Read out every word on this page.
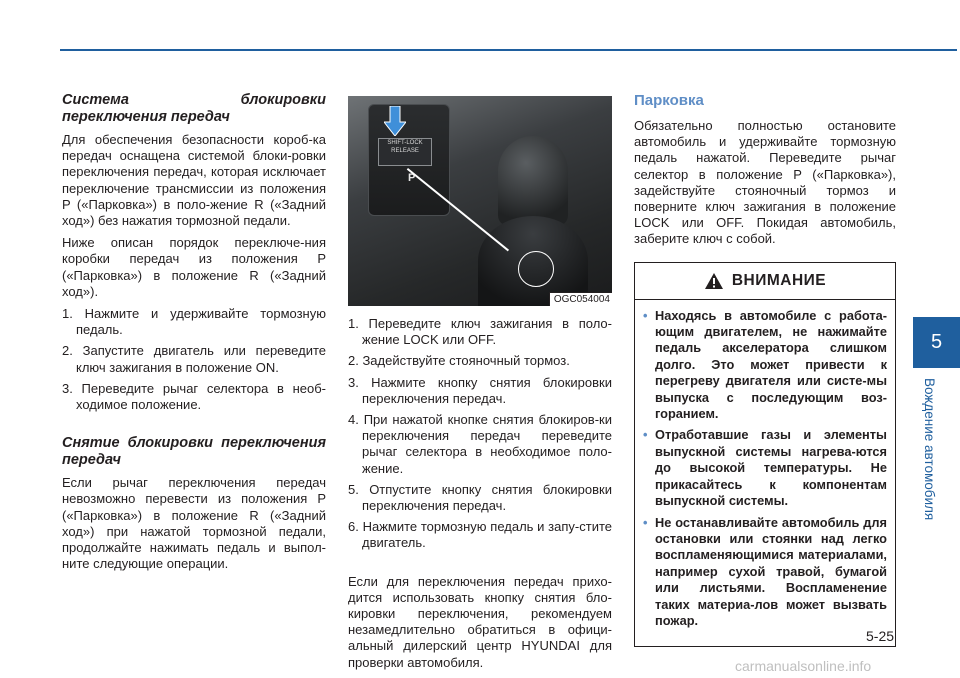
Система блокировки переключения передач

Для обеспечения безопасности короб-ка передач оснащена системой блоки-ровки переключения передач, которая исключает переключение трансмиссии из положения P («Парковка») в поло-жение R («Задний ход») без нажатия тормозной педали.

Ниже описан порядок переключе-ния коробки передач из положения P («Парковка») в положение R («Задний ход»).

1. Нажмите и удерживайте тормозную педаль.
2. Запустите двигатель или переведите ключ зажигания в положение ON.
3. Переведите рычаг селектора в необ-ходимое положение.
Снятие блокировки переключения передач

Если рычаг переключения передач невозможно перевести из положения P («Парковка») в положение R («Задний ход») при нажатой тормозной педали, продолжайте нажимать педаль и выпол-ните следующие операции.

SHIFT-LOCK RELEASE
P
OGC054004
1. Переведите ключ зажигания в поло-жение LOCK или OFF.
2. Задействуйте стояночный тормоз.
3. Нажмите кнопку снятия блокировки переключения передач.
4. При нажатой кнопке снятия блокиров-ки переключения передач переведите рычаг селектора в необходимое поло-жение.
5. Отпустите кнопку снятия блокировки переключения передач.
6. Нажмите тормозную педаль и запу-стите двигатель.

Если для переключения передач прихо-дится использовать кнопку снятия бло-кировки переключения, рекомендуем незамедлительно обратиться в офици-альный дилерский центр HYUNDAI для проверки автомобиля.

Парковка

Обязательно полностью остановите автомобиль и удерживайте тормозную педаль нажатой. Переведите рычаг селектор в положение P («Парковка»), задействуйте стояночный тормоз и поверните ключ зажигания в положение LOCK или OFF. Покидая автомобиль, заберите ключ с собой.

ВНИМАНИЕ
• Находясь в автомобиле с работа-ющим двигателем, не нажимайте педаль акселератора слишком долго. Это может привести к перегреву двигателя или систе-мы выпуска с последующим воз-горанием.
• Отработавшие газы и элементы выпускной системы нагрева-ются до высокой температуры. Не прикасайтесь к компонентам выпускной системы.
• Не останавливайте автомобиль для остановки или стоянки над легко воспламеняющимися материалами, например сухой травой, бумагой или листьями. Воспламенение таких материа-лов может вызвать пожар.
5
Вождение автомобиля
5-25
carmanualsonline.info
